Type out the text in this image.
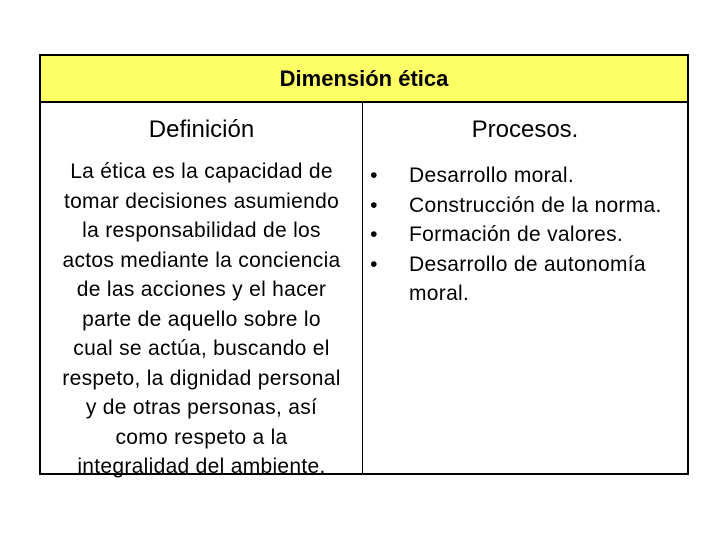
Dimensión ética
Definición
La ética es la capacidad de
tomar decisiones asumiendo
la responsabilidad de los
actos mediante la conciencia
de las acciones y el hacer
parte de aquello sobre lo
cual se actúa, buscando el
respeto, la dignidad personal
y de otras personas, así
como respeto a la
integralidad del ambiente.
Procesos.
•	Desarrollo moral.
•	Construcción de la norma.
•	Formación de valores.
•	Desarrollo de autonomía moral.
